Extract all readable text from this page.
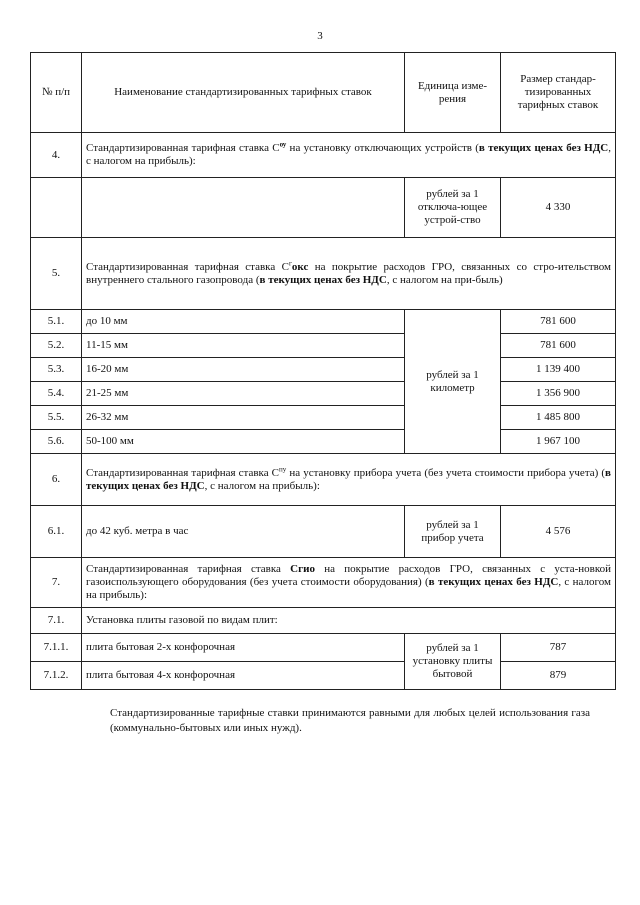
3
№ п/п	Наименование стандартизированных тарифных ставок	Единица изме-рения	Размер стандар-тизированных тарифных ставок
4.	Стандартизированная тарифная ставка $С^{оу}$ на установку отключающих устройств (в текущих ценах без НДС, с налогом на прибыль):		
		рублей за 1 отключа-ющее устрой-ство	4 330
5.	Стандартизированная тарифная ставка $С^гокс$ на покрытие расходов ГРО, связанных со стро-ительством внутреннего стального газопровода (в текущих ценах без НДС, с налогом на при-быль)		
5.1.	до 10 мм	рублей за 1 километр	781 600
5.2.	11-15 мм		781 600
5.3.	16-20 мм		1 139 400
5.4.	21-25 мм		1 356 900
5.5.	26-32 мм		1 485 800
5.6.	50-100 мм		1 967 100
6.	Стандартизированная тарифная ставка $С^{пу}$ на установку прибора учета (без учета стоимости прибора учета) (в текущих ценах без НДС, с налогом на прибыль):		
6.1.	до 42 куб. метра в час	рублей за 1 прибор учета	4 576
7.	Стандартизированная тарифная ставка Сгио на покрытие расходов ГРО, связанных с уста-новкой газоиспользующего оборудования (без учета стоимости оборудования) (в текущих ценах без НДС, с налогом на прибыль):		
7.1.	Установка плиты газовой по видам плит:		
7.1.1.	плита бытовая 2-х конфорочная	рублей за 1 установку плиты бытовой	787
7.1.2.	плита бытовая 4-х конфорочная		879
Стандартизированные тарифные ставки принимаются равными для любых целей использования газа (коммунально-бытовых или иных нужд).
